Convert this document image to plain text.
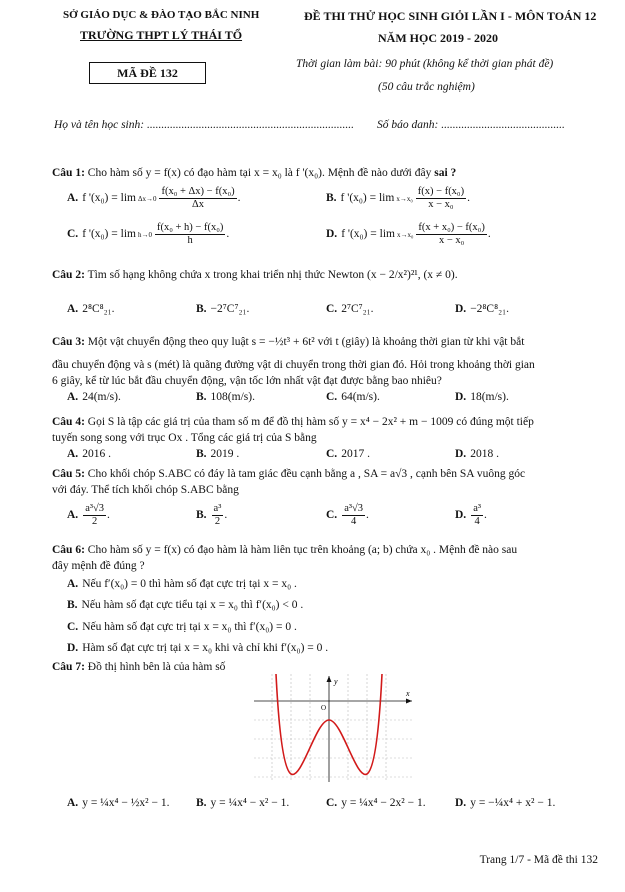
SỞ GIÁO DỤC & ĐÀO TẠO BẮC NINH
TRƯỜNG THPT LÝ THÁI TỔ
MÃ ĐỀ 132
ĐỀ THI THỬ HỌC SINH GIỎI LẦN I - MÔN TOÁN 12
NĂM HỌC 2019 - 2020
Thời gian làm bài: 90 phút (không kể thời gian phát đề)
(50 câu trắc nghiệm)
Họ và tên học sinh: ........................................................................ Số báo danh: ...........................................
Câu 1: Cho hàm số y = f(x) có đạo hàm tại x = x₀ là f '(x₀). Mệnh đề nào dưới đây sai ?
A. f '$(x_0) = \lim \Delta x\to 0 \frac{\text{f(x₀ + Δx) − f(x₀)}}{\Delta x}$ .	B. f '$(x_0) = \lim x\to x_0 \frac{\text{f(x) − f(x₀)}}{\text{x − x₀}}$ .
C. f '$(x_0) = \lim h\to 0 \frac{\text{f(x₀ + h) − f(x₀)}}{h}$ .	D. f '$(x_0) = \lim x\to x_0 \frac{\text{f(x + x₀) − f(x₀)}}{\text{x − x₀}}$ .
Câu 2: Tìm số hạng không chứa x trong khai triển nhị thức Newton (x − 2/x²)²¹, (x ≠ 0).
A. 2⁸C⁸₂₁.	B. −2⁷C⁷₂₁.	C. 2⁷C⁷₂₁.	D. −2⁸C⁸₂₁.
Câu 3: Một vật chuyển động theo quy luật s = −½t³ + 6t² với t (giây) là khoảng thời gian từ khi vật bắt
đầu chuyển động và s (mét) là quãng đường vật di chuyển trong thời gian đó. Hỏi trong khoảng thời gian
6 giây, kể từ lúc bắt đầu chuyển động, vận tốc lớn nhất vật đạt được bằng bao nhiêu?
A. 24(m/s).	B. 108(m/s).	C. 64(m/s).	D. 18(m/s).
Câu 4: Gọi S là tập các giá trị của tham số m để đồ thị hàm số y = x⁴ − 2x² + m − 1009 có đúng một tiếp
tuyến song song với trục Ox . Tổng các giá trị của S bằng
A. 2016 .	B. 2019 .	C. 2017 .	D. 2018 .
Câu 5: Cho khối chóp S.ABC có đáy là tam giác đều cạnh bằng a , SA = a√3 , cạnh bên SA vuông góc
với đáy. Thể tích khối chóp S.ABC bằng
A. $\frac{\text{a³√3}}{2}$ .	B. $\frac{\text{a³}}{2}$ .	C. $\frac{\text{a³√3}}{4}$ .	D. $\frac{\text{a³}}{4}$ .
Câu 6: Cho hàm số y = f(x) có đạo hàm là hàm liên tục trên khoảng (a; b) chứa x₀ . Mệnh đề nào sau
đây mệnh đề đúng ?
A. Nếu f′(x₀) = 0 thì hàm số đạt cực trị tại x = x₀ .
B. Nếu hàm số đạt cực tiểu tại x = x₀ thì f′(x₀) < 0 .
C. Nếu hàm số đạt cực trị tại x = x₀ thì f′(x₀) = 0 .
D. Hàm số đạt cực trị tại x = x₀ khi và chỉ khi f′(x₀) = 0 .
Câu 7: Đồ thị hình bên là của hàm số
y
x
O
A. y = ¼x⁴ − ½x² − 1. B. y = ¼x⁴ − x² − 1.	C. y = ¼x⁴ − 2x² − 1.	D. y = −¼x⁴ + x² − 1.
Trang 1/7 - Mã đề thi 132
